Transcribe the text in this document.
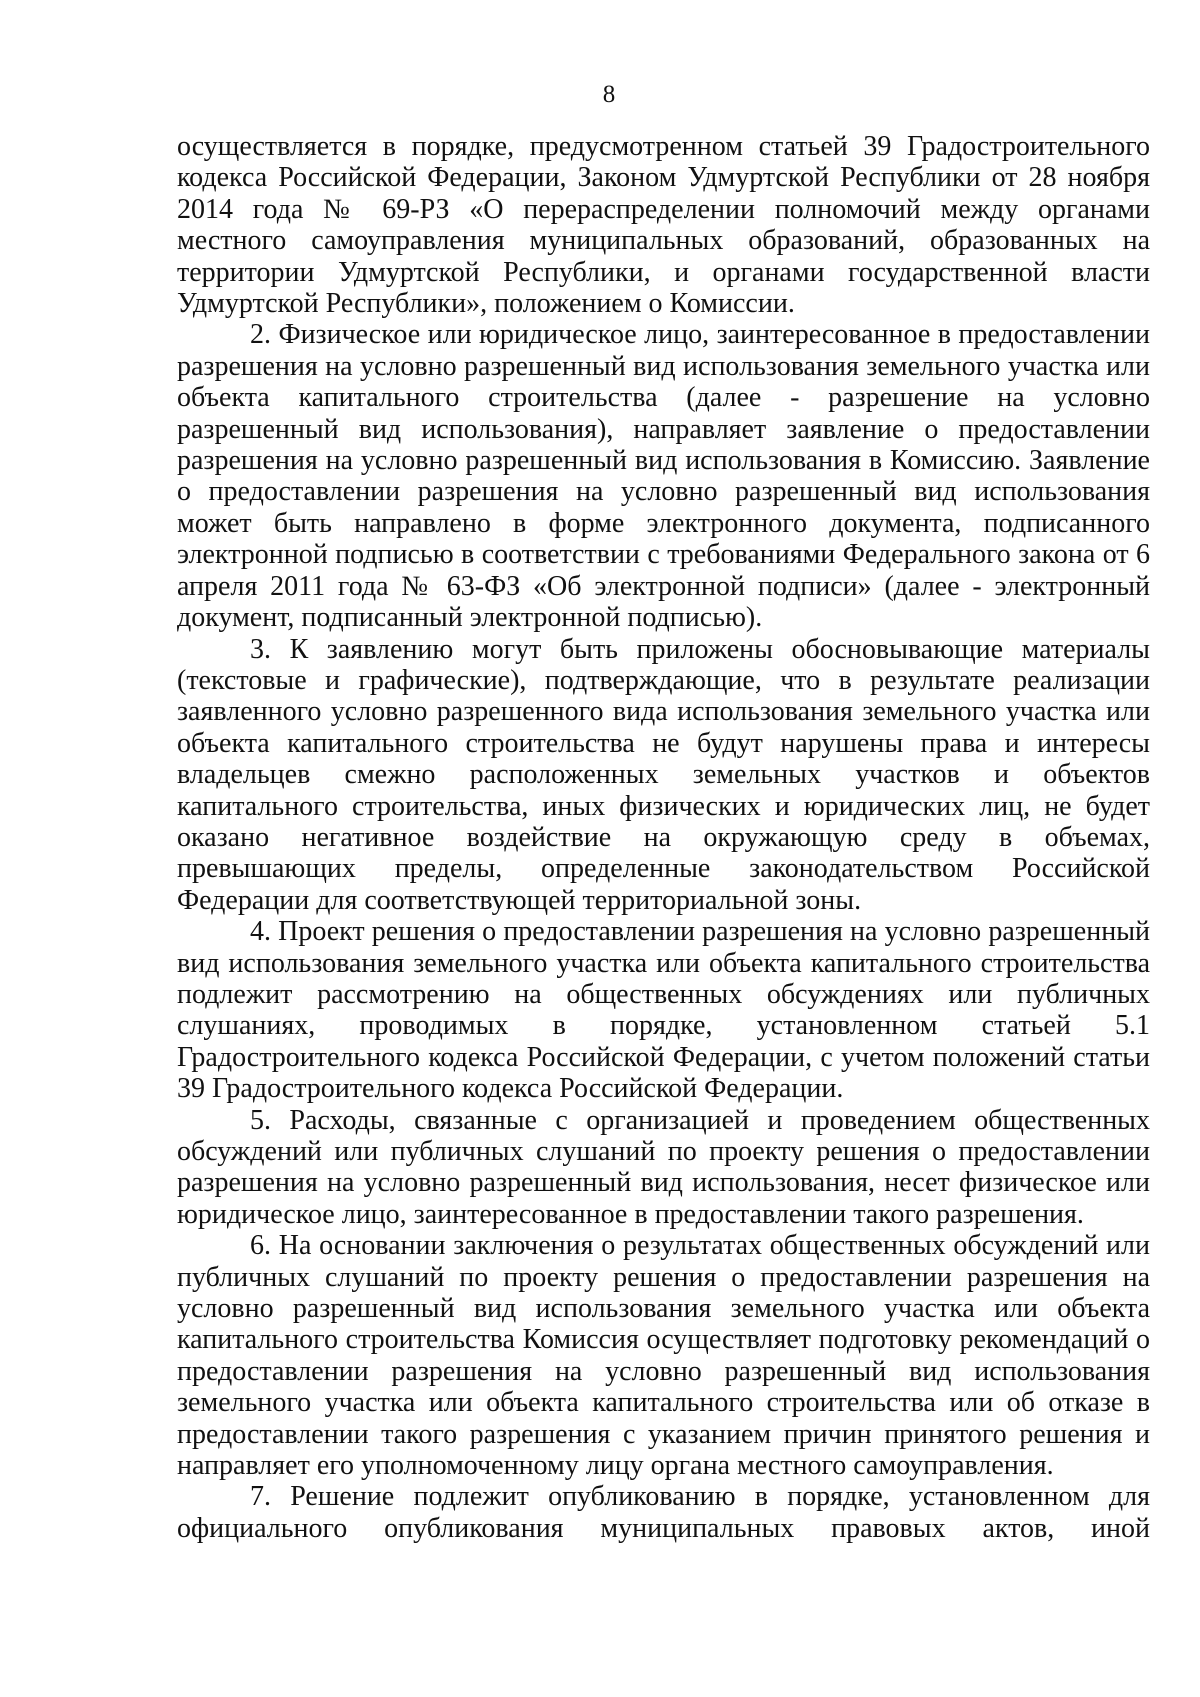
8

осуществляется в порядке, предусмотренном статьей 39 Градостроительного кодекса Российской Федерации, Законом Удмуртской Республики от 28 ноября 2014 года № 69-РЗ «О перераспределении полномочий между органами местного самоуправления муниципальных образований, образованных на территории Удмуртской Республики, и органами государственной власти Удмуртской Республики», положением о Комиссии.

2. Физическое или юридическое лицо, заинтересованное в предоставлении разрешения на условно разрешенный вид использования земельного участка или объекта капитального строительства (далее - разрешение на условно разрешенный вид использования), направляет заявление о предоставлении разрешения на условно разрешенный вид использования в Комиссию. Заявление о предоставлении разрешения на условно разрешенный вид использования может быть направлено в форме электронного документа, подписанного электронной подписью в соответствии с требованиями Федерального закона от 6 апреля 2011 года № 63-ФЗ «Об электронной подписи» (далее - электронный документ, подписанный электронной подписью).

3. К заявлению могут быть приложены обосновывающие материалы (текстовые и графические), подтверждающие, что в результате реализации заявленного условно разрешенного вида использования земельного участка или объекта капитального строительства не будут нарушены права и интересы владельцев смежно расположенных земельных участков и объектов капитального строительства, иных физических и юридических лиц, не будет оказано негативное воздействие на окружающую среду в объемах, превышающих пределы, определенные законодательством Российской Федерации для соответствующей территориальной зоны.

4. Проект решения о предоставлении разрешения на условно разрешенный вид использования земельного участка или объекта капитального строительства подлежит рассмотрению на общественных обсуждениях или публичных слушаниях, проводимых в порядке, установленном статьей 5.1 Градостроительного кодекса Российской Федерации, с учетом положений статьи 39 Градостроительного кодекса Российской Федерации.

5. Расходы, связанные с организацией и проведением общественных обсуждений или публичных слушаний по проекту решения о предоставлении разрешения на условно разрешенный вид использования, несет физическое или юридическое лицо, заинтересованное в предоставлении такого разрешения.

6. На основании заключения о результатах общественных обсуждений или публичных слушаний по проекту решения о предоставлении разрешения на условно разрешенный вид использования земельного участка или объекта капитального строительства Комиссия осуществляет подготовку рекомендаций о предоставлении разрешения на условно разрешенный вид использования земельного участка или объекта капитального строительства или об отказе в предоставлении такого разрешения с указанием причин принятого решения и направляет его уполномоченному лицу органа местного самоуправления.

7. Решение подлежит опубликованию в порядке, установленном для официального опубликования муниципальных правовых актов, иной
